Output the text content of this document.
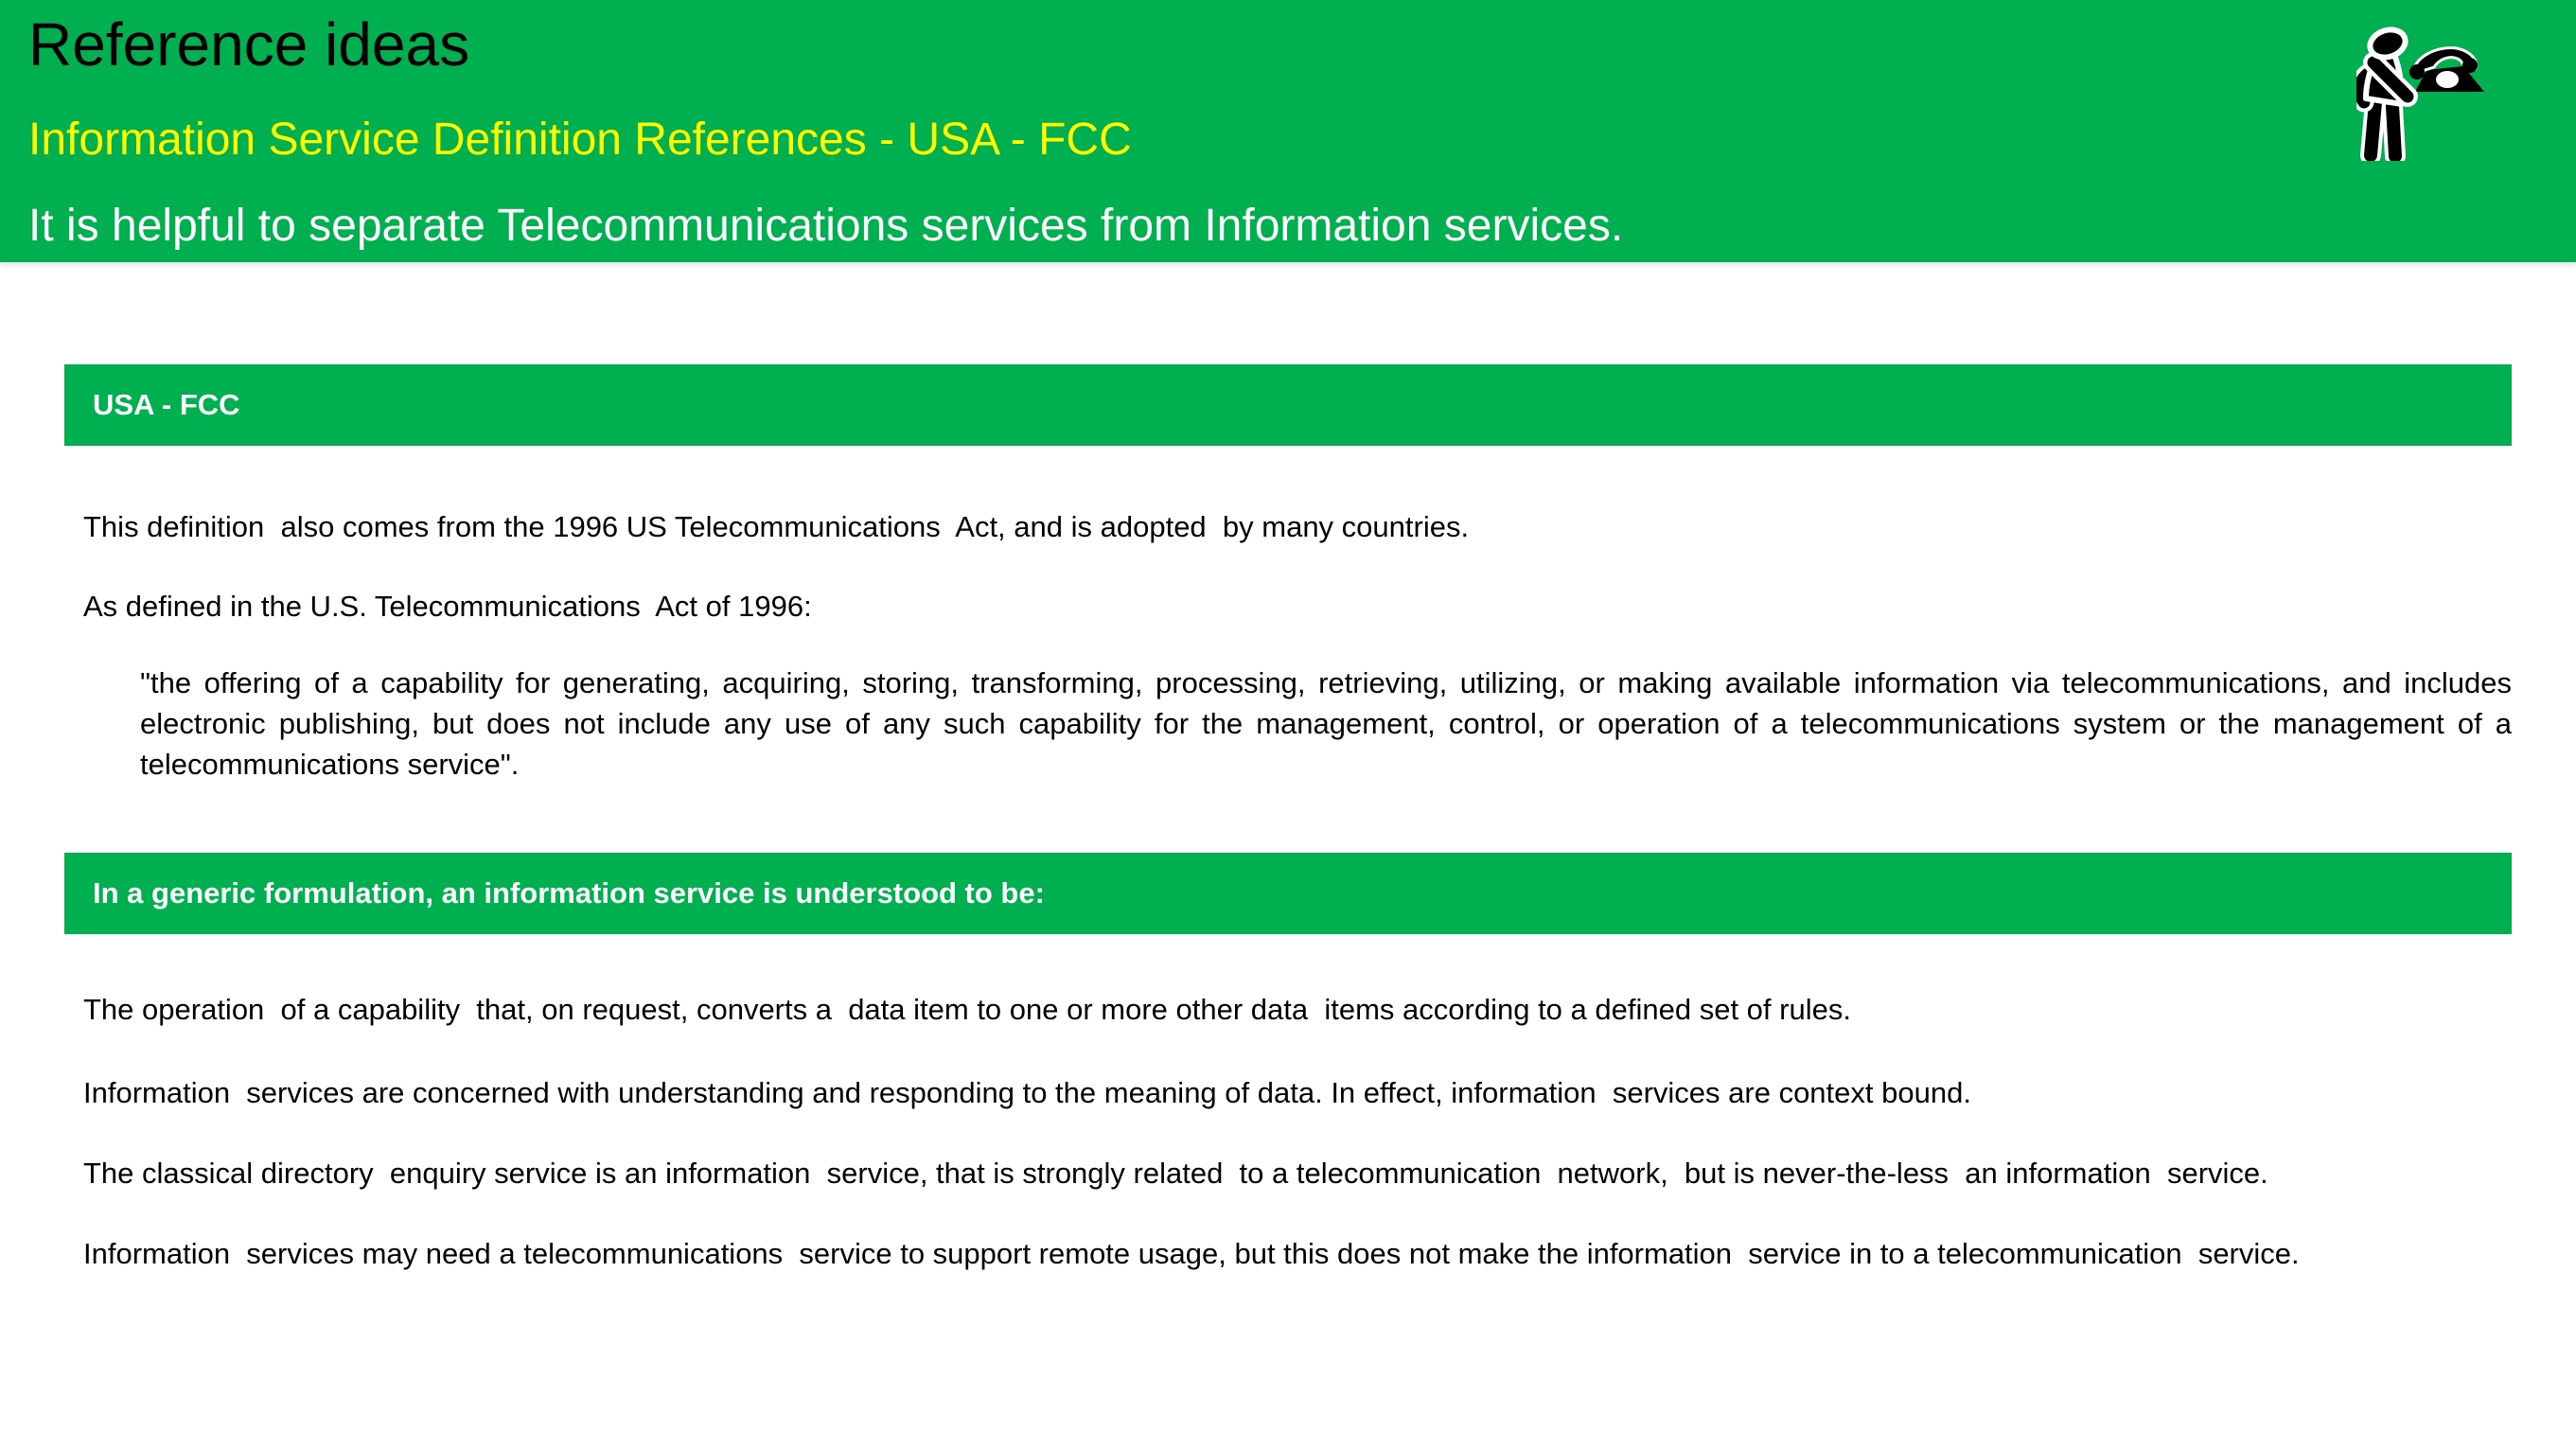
Reference ideas
Information Service Definition References - USA - FCC
It is helpful to separate Telecommunications services from Information services.
USA - FCC

This definition  also comes from the 1996 US Telecommunications  Act, and is adopted  by many countries.

As defined in the U.S. Telecommunications  Act of 1996:

"the offering of a capability for generating, acquiring, storing, transforming, processing, retrieving, utilizing, or making available information via telecommunications, and includes electronic publishing, but does not include any use of any such capability for the management, control, or operation of a telecommunications system or the management of a telecommunications service".

In a generic formulation, an information service is understood to be:

The operation  of a capability  that, on request, converts a  data item to one or more other data  items according to a defined set of rules.

Information  services are concerned with understanding and responding to the meaning of data. In effect, information  services are context bound.

The classical directory  enquiry service is an information  service, that is strongly related  to a telecommunication  network,  but is never-the-less  an information  service.

Information  services may need a telecommunications  service to support remote usage, but this does not make the information  service in to a telecommunication  service.
